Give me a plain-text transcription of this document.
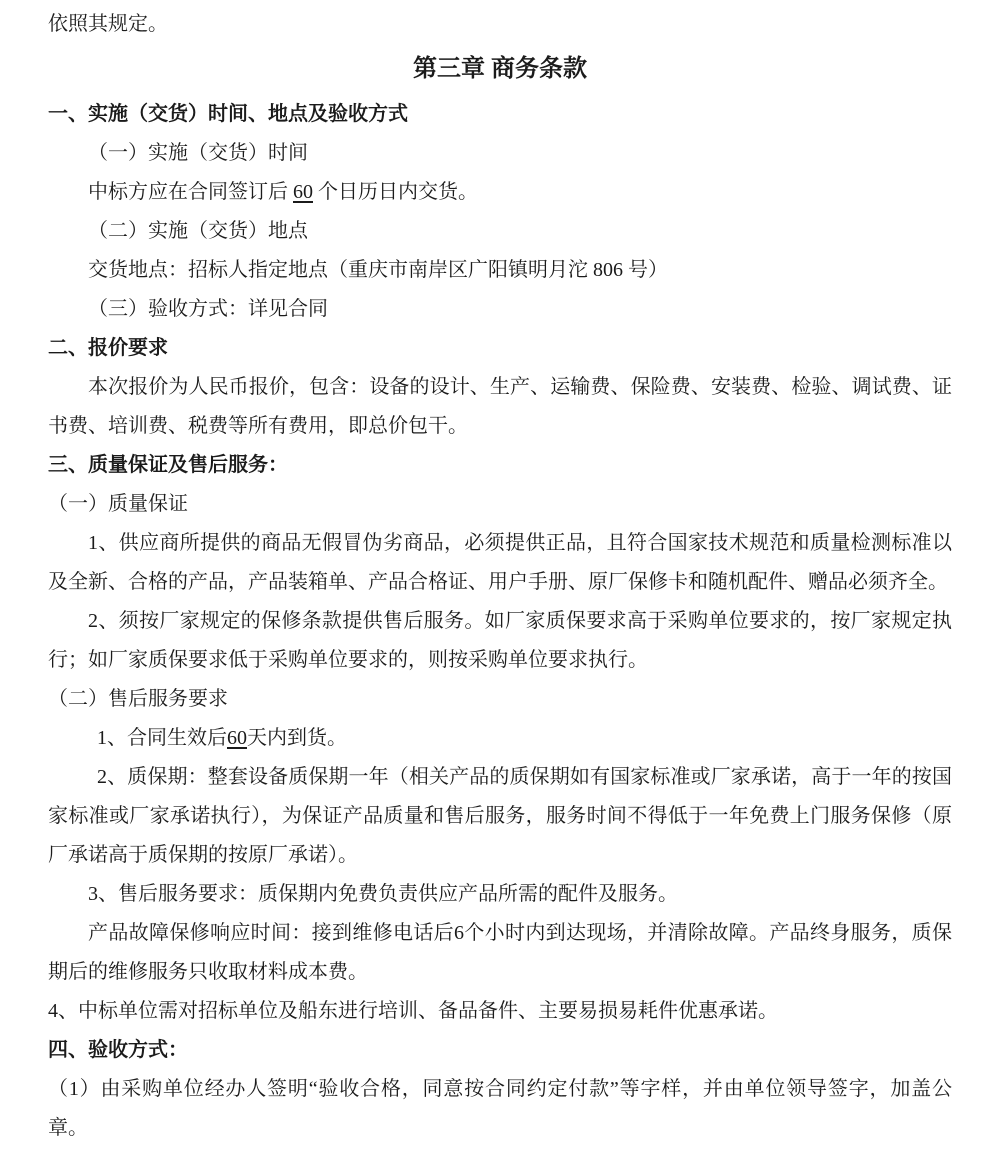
依照其规定。

第三章 商务条款
一、实施（交货）时间、地点及验收方式

（一）实施（交货）时间

中标方应在合同签订后 60 个日历日内交货。

（二）实施（交货）地点

交货地点：招标人指定地点（重庆市南岸区广阳镇明月沱 806 号）

（三）验收方式：详见合同

二、报价要求

本次报价为人民币报价，包含：设备的设计、生产、运输费、保险费、安装费、检验、调试费、证书费、培训费、税费等所有费用，即总价包干。

三、质量保证及售后服务：

（一）质量保证

1、供应商所提供的商品无假冒伪劣商品，必须提供正品，且符合国家技术规范和质量检测标准以及全新、合格的产品，产品装箱单、产品合格证、用户手册、原厂保修卡和随机配件、赠品必须齐全。

2、须按厂家规定的保修条款提供售后服务。如厂家质保要求高于采购单位要求的，按厂家规定执行；如厂家质保要求低于采购单位要求的，则按采购单位要求执行。

（二）售后服务要求

1、合同生效后60天内到货。

2、质保期：整套设备质保期一年（相关产品的质保期如有国家标准或厂家承诺，高于一年的按国家标准或厂家承诺执行），为保证产品质量和售后服务，服务时间不得低于一年免费上门服务保修（原厂承诺高于质保期的按原厂承诺）。

3、售后服务要求：质保期内免费负责供应产品所需的配件及服务。

产品故障保修响应时间：接到维修电话后6个小时内到达现场，并清除故障。产品终身服务，质保期后的维修服务只收取材料成本费。

4、中标单位需对招标单位及船东进行培训、备品备件、主要易损易耗件优惠承诺。

四、验收方式：

（1）由采购单位经办人签明“验收合格，同意按合同约定付款”等字样，并由单位领导签字，加盖公章。
